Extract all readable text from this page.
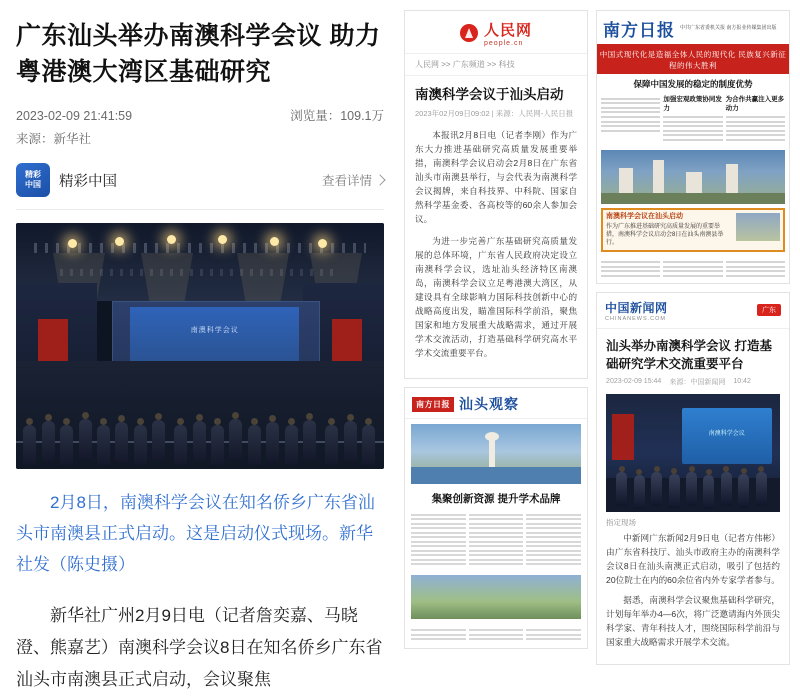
广东汕头举办南澳科学会议 助力粤港澳大湾区基础研究
2023-02-09 21:41:59
来源：新华社
浏览量：109.1万
精彩
中国	精彩中国	查看详情
南澳科学会议
2月8日，南澳科学会议在知名侨乡广东省汕头市南澳县正式启动。这是启动仪式现场。新华社发（陈史摄）
新华社广州2月9日电（记者詹奕嘉、马晓澄、熊嘉艺）南澳科学会议8日在知名侨乡广东省汕头市南澳县正式启动，会议聚焦
人民网
people.cn
人民网 >> 广东频道 >> 科技
南澳科学会议于汕头启动
2023年02月09日09:02 | 来源：人民网-人民日报

本报讯2月8日电（记者李刚）作为广东大力推进基础研究高质量发展重要举措，南澳科学会议启动会2月8日在广东省汕头市南澳县举行，与会代表为南澳科学会议揭牌，来自科技界、中科院、国家自然科学基金委、各高校等的60余人参加会议。

为进一步完善广东基础研究高质量发展的总体环境，广东省人民政府决定设立南澳科学会议，选址汕头经济特区南澳岛，南澳科学会议立足粤港澳大湾区，从建设具有全球影响力国际科技创新中心的战略高度出发，瞄准国际科学前沿，聚焦国家和地方发展重大战略需求，通过开展学术交流活动，打造基础科学研究高水平学术交流重要平台。

南方日报 汕头观察
集聚创新资源 提升学术品牌
南方日报 中共广东省委机关报 南方报业传媒集团出版
中国式现代化是造福全体人民的现代化 民族复兴新征程的伟大胜利
保障中国发展的稳定的制度优势
加强宏观政策协同发力
为合作共赢注入更多动力
南澳科学会议在汕头启动
作为广东推进基础研究高质量发展的重要举措，南澳科学会议启动会8日在汕头南澳县举行。
中国新闻网
CHINANEWS.COM
广东
汕头举办南澳科学会议 打造基础研究学术交流重要平台
2023-02-09 15:44 来源：中国新闻网 10:42
南澳科学会议
指定现场

中新网广东新闻2月9日电（记者方伟彬）由广东省科技厅、汕头市政府主办的南澳科学会议8日在汕头南澳正式启动，吸引了包括约20位院士在内的60余位省内外专家学者参与。

据悉，南澳科学会议聚焦基础科学研究，计划每年举办4—6次，将广泛邀请海内外顶尖科学家、青年科技人才，围绕国际科学前沿与国家重大战略需求开展学术交流。
